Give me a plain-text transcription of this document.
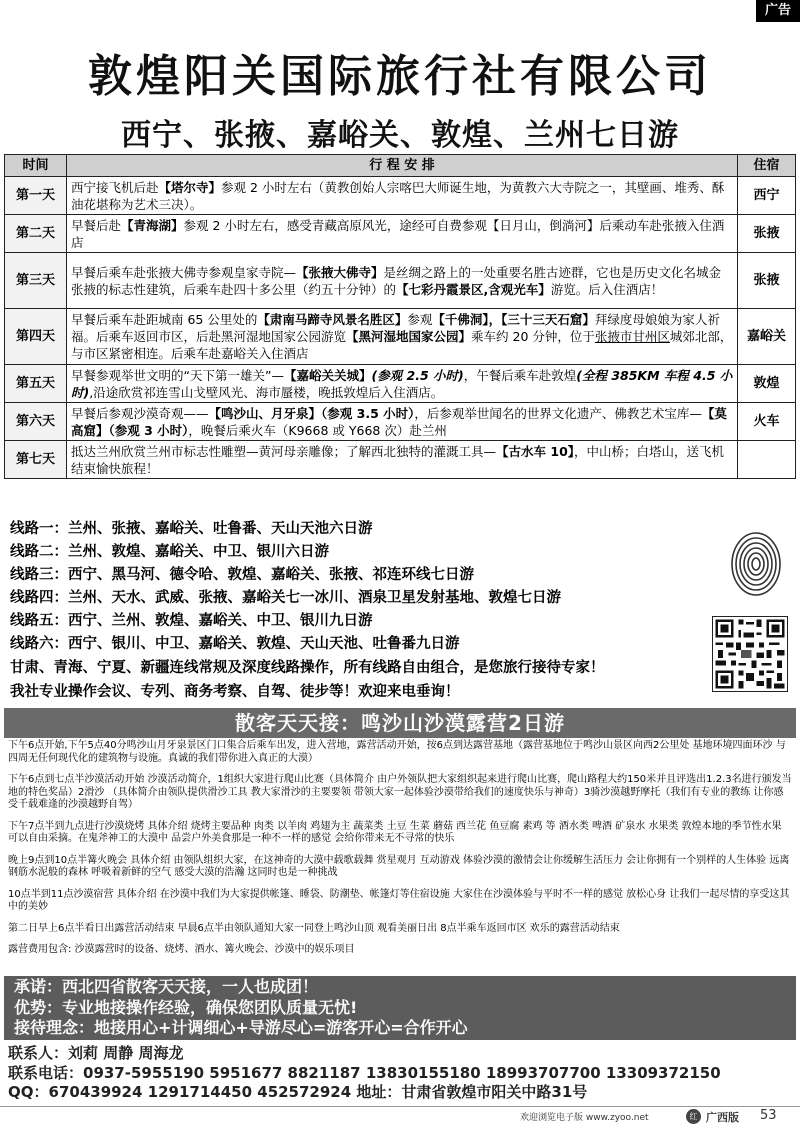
广告
敦煌阳关国际旅行社有限公司
西宁、张掖、嘉峪关、敦煌、兰州七日游
时间	行 程 安 排	住宿
第一天	西宁接飞机后赴【塔尔寺】参观 2 小时左右（黄教创始人宗喀巴大师诞生地，为黄教六大寺院之一，其壁画、堆秀、酥油花堪称为艺术三决）。	西宁
第二天	早餐后赴【青海湖】参观 2 小时左右，感受青藏高原风光，途经可自费参观【日月山，倒淌河】后乘动车赴张掖入住酒店	张掖
第三天	早餐后乘车赴张掖大佛寺参观皇家寺院—【张掖大佛寺】是丝绸之路上的一处重要名胜古迹群，它也是历史文化名城金张掖的标志性建筑，后乘车赴四十多公里（约五十分钟）的【七彩丹霞景区,含观光车】游览。后入住酒店！	张掖
第四天	早餐后乘车赴距城南 65 公里处的【肃南马蹄寺风景名胜区】参观【千佛洞】，【三十三天石窟】拜绿度母娘娘为家人祈福。后乘车返回市区，后赴黑河湿地国家公园游览【黑河湿地国家公园】乘车约 20 分钟，位于张掖市甘州区城郊北部，与市区紧密相连。后乘车赴嘉峪关入住酒店	嘉峪关
第五天	早餐参观举世文明的“天下第一雄关”—【嘉峪关关城】(参观 2.5 小时)，午餐后乘车赴敦煌(全程 385KM 车程 4.5 小时),沿途欣赏祁连雪山戈壁风光、海市蜃楼，晚抵敦煌后入住酒店。	敦煌
第六天	早餐后参观沙漠奇观——【鸣沙山、月牙泉】（参观 3.5 小时），后参观举世闻名的世界文化遗产、佛教艺术宝库—【莫高窟】（参观 3 小时），晚餐后乘火车（K9668 或 Y668 次）赴兰州	火车
第七天	抵达兰州欣赏兰州市标志性雕塑—黄河母亲雕像；了解西北独特的灌溉工具—【古水车 10】，中山桥；白塔山，送飞机结束愉快旅程！	
线路一：兰州、张掖、嘉峪关、吐鲁番、天山天池六日游
线路二：兰州、敦煌、嘉峪关、中卫、银川六日游
线路三：西宁、黑马河、德令哈、敦煌、嘉峪关、张掖、祁连环线七日游
线路四：兰州、天水、武威、张掖、嘉峪关七一冰川、酒泉卫星发射基地、敦煌七日游
线路五：西宁、兰州、敦煌、嘉峪关、中卫、银川九日游
线路六：西宁、银川、中卫、嘉峪关、敦煌、天山天池、吐鲁番九日游
甘肃、青海、宁夏、新疆连线常规及深度线路操作，所有线路自由组合，是您旅行接待专家！
我社专业操作会议、专列、商务考察、自驾、徒步等！欢迎来电垂询！
散客天天接：鸣沙山沙漠露营2日游

下午6点开始,下午5点40分鸣沙山月牙泉景区门口集合后乘车出发，进入营地，露营活动开始，按6点到达露营基地（露营基地位于鸣沙山景区向西2公里处 基地环境四面环沙 与四周无任何现代化的建筑物与设施。真诚的我们带你进入真正的大漠）

下午6点到七点半沙漠活动开始 沙漠活动简介，1组织大家进行爬山比赛（具体简介 由户外领队把大家组织起来进行爬山比赛，爬山路程大约150米并且评选出1.2.3名进行颁发当地的特色奖品）2滑沙 （具体简介由领队提供滑沙工具 教大家滑沙的主要要领 带领大家一起体验沙漠带给我们的速度快乐与神奇）3骑沙漠越野摩托（我们有专业的教练 让你感受千载难逢的沙漠越野自驾）

下午7点半到九点进行沙漠烧烤 具体介绍 烧烤主要品种 肉类 以羊肉 鸡翅为主 蔬菜类 土豆 生菜 蘑菇 西兰花 鱼豆腐 素鸡 等 酒水类 啤酒 矿泉水 水果类 敦煌本地的季节性水果 可以自由采摘。在鬼斧神工的大漠中 品尝户外美食那是一种不一样的感觉 会给你带来无不寻常的快乐

晚上9点到10点半篝火晚会 具体介绍 由领队组织大家，在这神奇的大漠中载歌载舞 赏星观月 互动游戏 体验沙漠的激情会让你缓解生活压力 会让你拥有一个别样的人生体验 远离钢筋水泥般的森林 呼吸着新鲜的空气 感受大漠的浩瀚 这同时也是一种挑战

10点半到11点沙漠宿营 具体介绍 在沙漠中我们为大家提供帐篷、睡袋、防潮垫、帐篷灯等住宿设施 大家住在沙漠体验与平时不一样的感觉 放松心身 让我们一起尽情的享受这其中的美妙

第二日早上6点半看日出露营活动结束 早晨6点半由领队通知大家一同登上鸣沙山顶 观看美丽日出 8点半乘车返回市区 欢乐的露营活动结束

露营费用包含: 沙漠露营时的设备、烧烤、酒水、篝火晚会、沙漠中的娱乐项目

承诺：西北四省散客天天接，一人也成团！
优势：专业地接操作经验，确保您团队质量无忧!
接待理念：地接用心+计调细心+导游尽心=游客开心=合作开心
联系人：刘莉 周静 周海龙
联系电话：0937-5955190 5951677 8821187 13830155180 18993707700 13309372150
QQ：670439924 1291714450 452572924 地址：甘肃省敦煌市阳关中路31号
欢迎浏览电子版 www.zyoo.net	红 广西版 53
